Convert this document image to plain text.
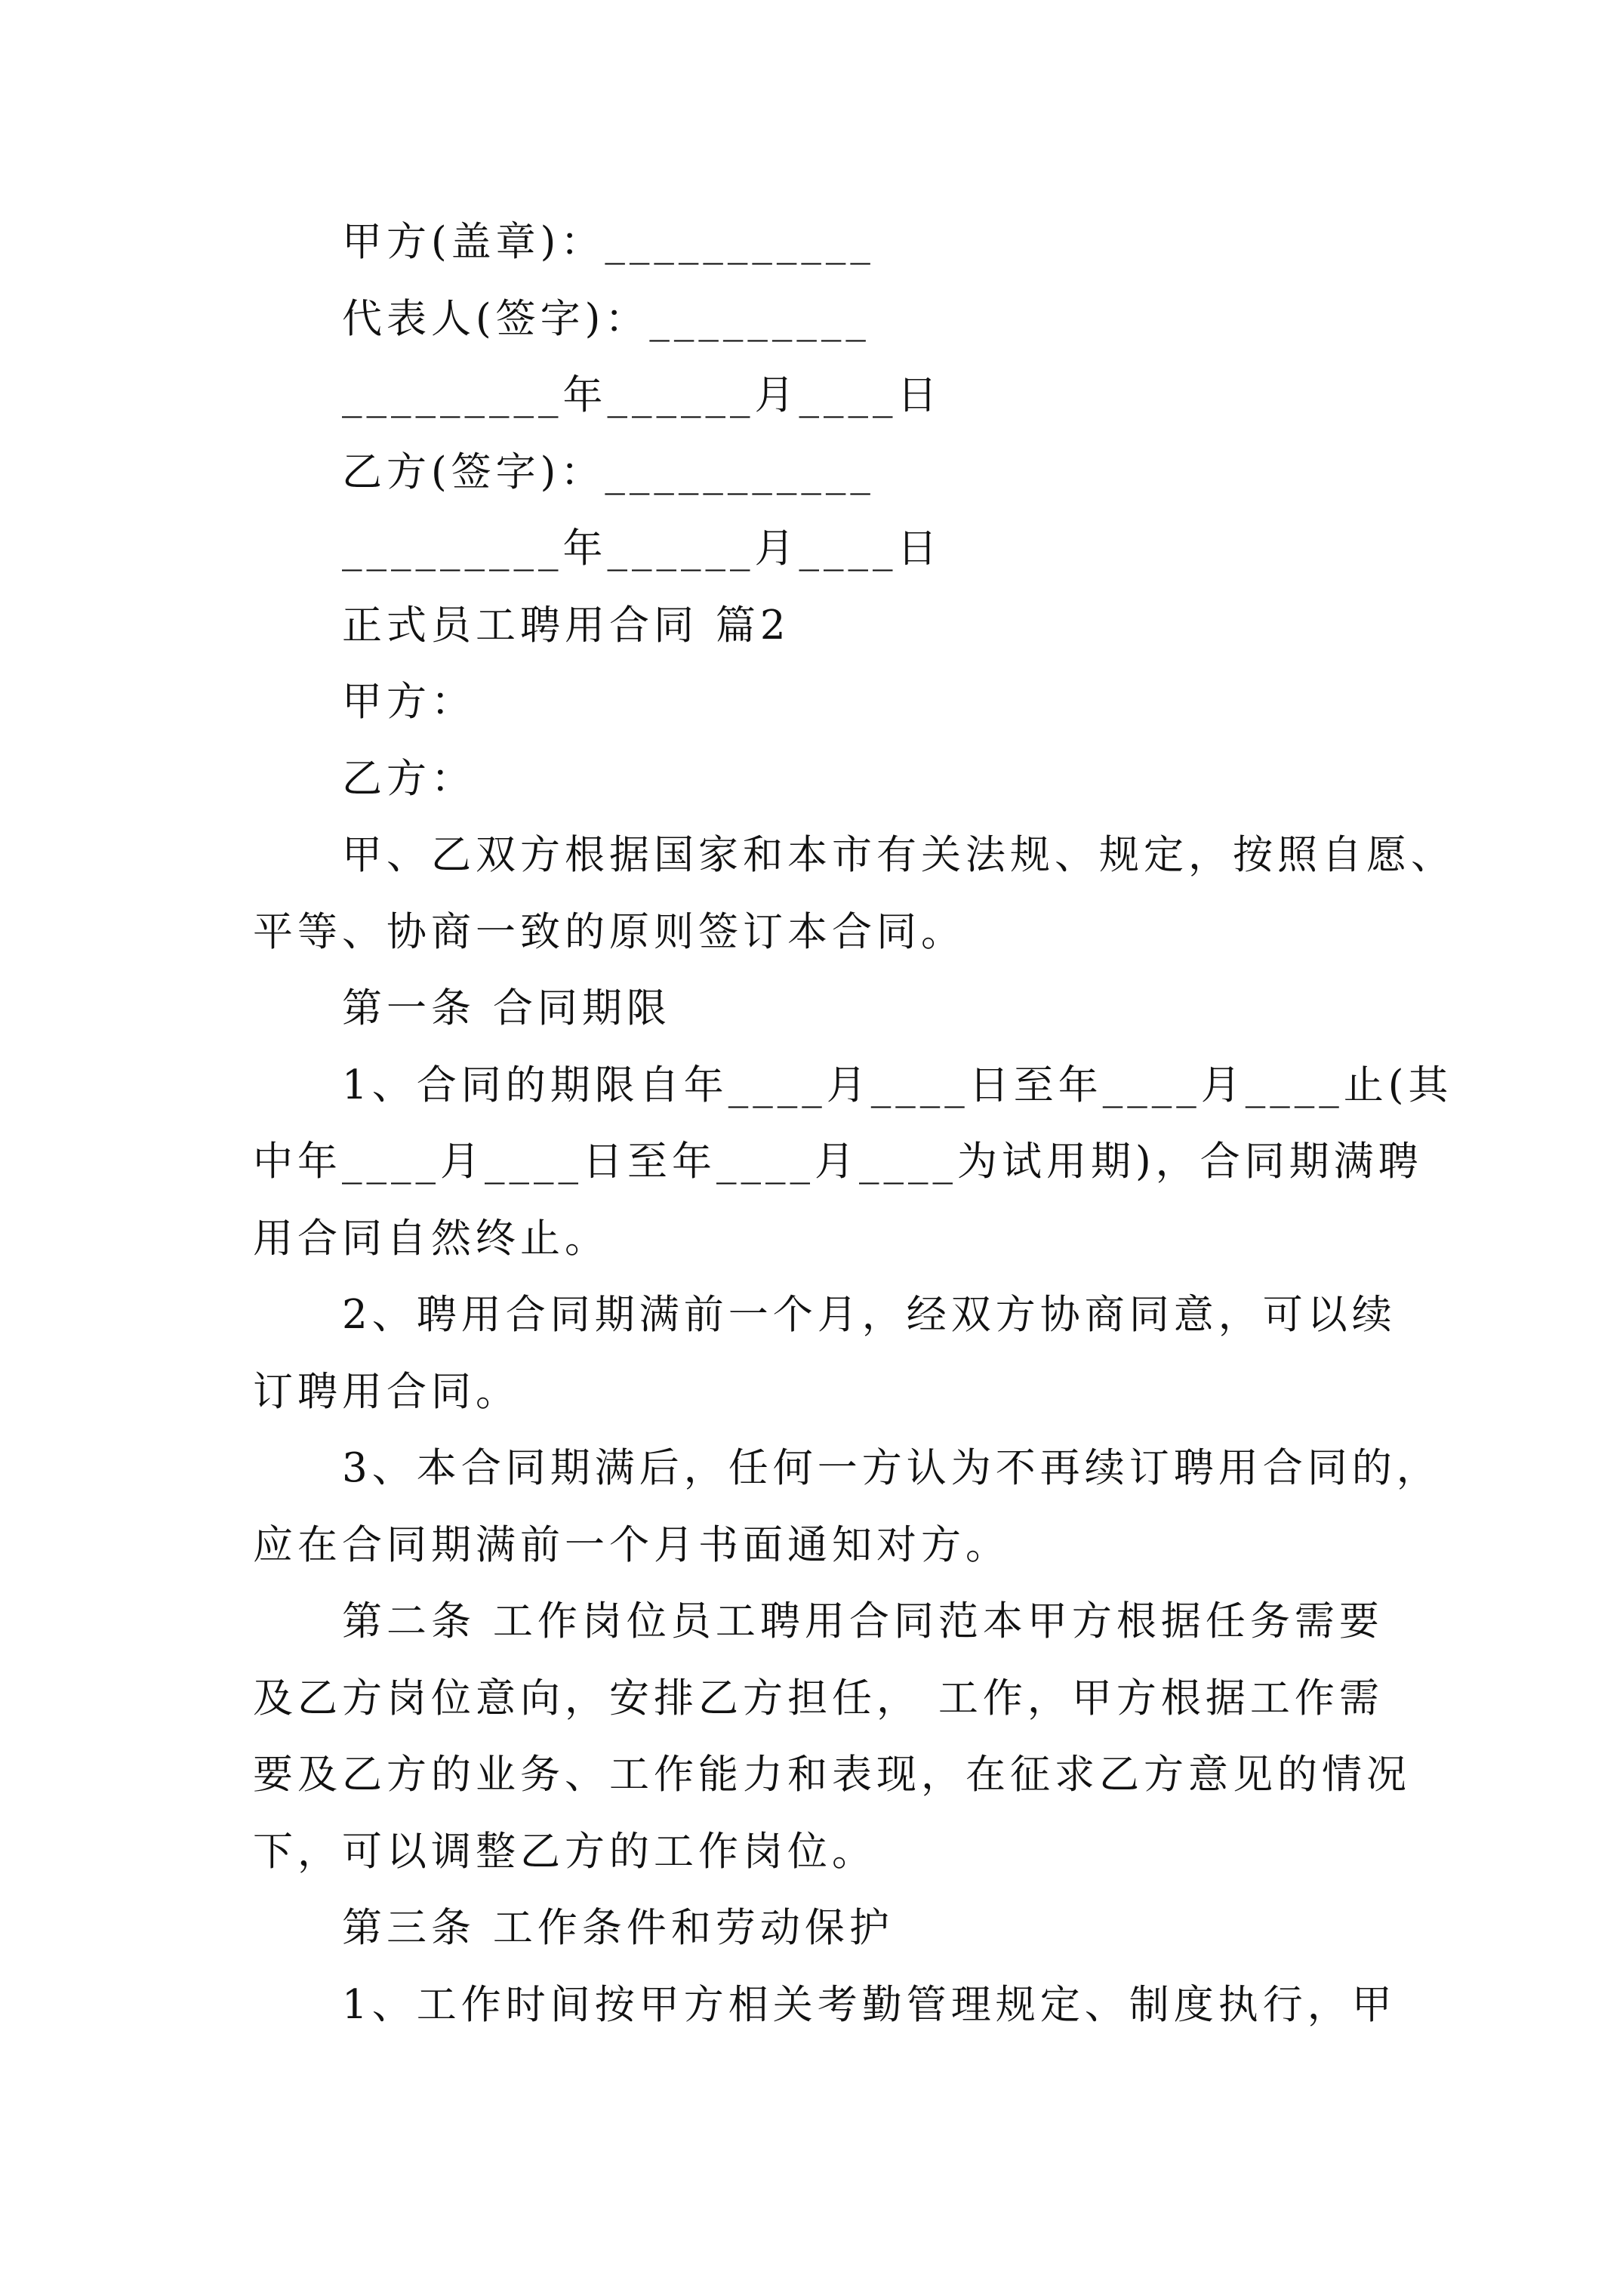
甲方(盖章)：___________
代表人(签字)：_________
_________年______月____日
乙方(签字)：___________
_________年______月____日
正式员工聘用合同 篇2
甲方：
乙方：
甲、乙双方根据国家和本市有关法规、规定，按照自愿、
平等、协商一致的原则签订本合同。
第一条 合同期限
1、合同的期限自年____月____日至年____月____止(其
中年____月____日至年____月____为试用期)，合同期满聘
用合同自然终止。
2、聘用合同期满前一个月，经双方协商同意，可以续
订聘用合同。
3、本合同期满后，任何一方认为不再续订聘用合同的，
应在合同期满前一个月书面通知对方。
第二条 工作岗位员工聘用合同范本甲方根据任务需要
及乙方岗位意向，安排乙方担任， 工作，甲方根据工作需
要及乙方的业务、工作能力和表现，在征求乙方意见的情况
下，可以调整乙方的工作岗位。
第三条 工作条件和劳动保护
1、工作时间按甲方相关考勤管理规定、制度执行，甲
